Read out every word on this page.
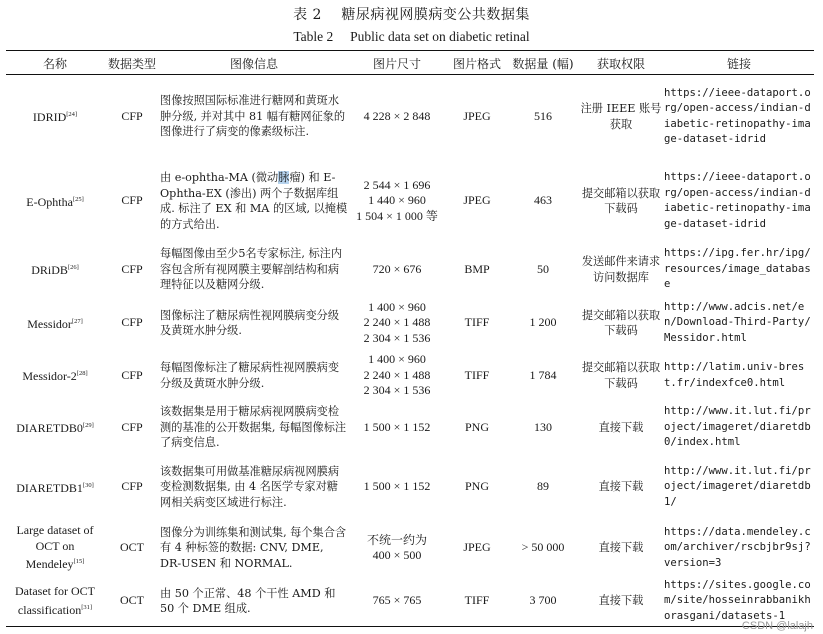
表 2　 糖尿病视网膜病变公共数据集
Table 2　 Public data set on diabetic retinal
名称	数据类型	图像信息	图片尺寸	图片格式	数据量 (幅)	获取权限	链接
IDRID[24]	CFP	图像按照国际标准进行糖网和黄斑水肿分级, 并对其中 81 幅有糖网征象的图像进行了病变的像素级标注.	4 228 × 2 848	JPEG	516	注册 IEEE 账号获取	https://ieee-dataport.org/open-access/indian-diabetic-retinopathy-image-dataset-idrid
E-Ophtha[25]	CFP	由 e-ophtha-MA (微动脉瘤) 和 E-Ophtha-EX (渗出) 两个子数据库组成. 标注了 EX 和 MA 的区域, 以掩模的方式给出.	2 544 × 1 696
1 440 × 960
1 504 × 1 000 等	JPEG	463	提交邮箱以获取下载码	https://ieee-dataport.org/open-access/indian-diabetic-retinopathy-image-dataset-idrid
DRiDB[26]	CFP	每幅图像由至少5名专家标注, 标注内容包含所有视网膜主要解剖结构和病理特征以及糖网分级.	720 × 676	BMP	50	发送邮件来请求访问数据库	https://ipg.fer.hr/ipg/resources/image_database
Messidor[27]	CFP	图像标注了糖尿病性视网膜病变分级及黄斑水肿分级.	1 400 × 960
2 240 × 1 488
2 304 × 1 536	TIFF	1 200	提交邮箱以获取下载码	http://www.adcis.net/en/Download-Third-Party/Messidor.html
Messidor-2[28]	CFP	每幅图像标注了糖尿病性视网膜病变分级及黄斑水肿分级.	1 400 × 960
2 240 × 1 488
2 304 × 1 536	TIFF	1 784	提交邮箱以获取下载码	http://latim.univ-brest.fr/indexfce0.html
DIARETDB0[29]	CFP	该数据集是用于糖尿病视网膜病变检测的基准的公开数据集, 每幅图像标注了病变信息.	1 500 × 1 152	PNG	130	直接下载	http://www.it.lut.fi/project/imageret/diaretdb0/index.html
DIARETDB1[30]	CFP	该数据集可用做基准糖尿病视网膜病变检测数据集, 由 4 名医学专家对糖网相关病变区域进行标注.	1 500 × 1 152	PNG	89	直接下载	http://www.it.lut.fi/project/imageret/diaretdb1/
Large dataset of OCT on Mendeley[15]	OCT	图像分为训练集和测试集, 每个集合含有 4 种标签的数据: CNV, DME, DR-USEN 和 NORMAL.	不统一约为
400 × 500	JPEG	> 50 000	直接下载	https://data.mendeley.com/archiver/rscbjbr9sj?version=3
Dataset for OCT classification[31]	OCT	由 50 个正常、48 个干性 AMD 和 50 个 DME 组成.	765 × 765	TIFF	3 700	直接下载	https://sites.google.com/site/hosseinrabbanikhorasgani/datasets-1
CSDN @lalajh
